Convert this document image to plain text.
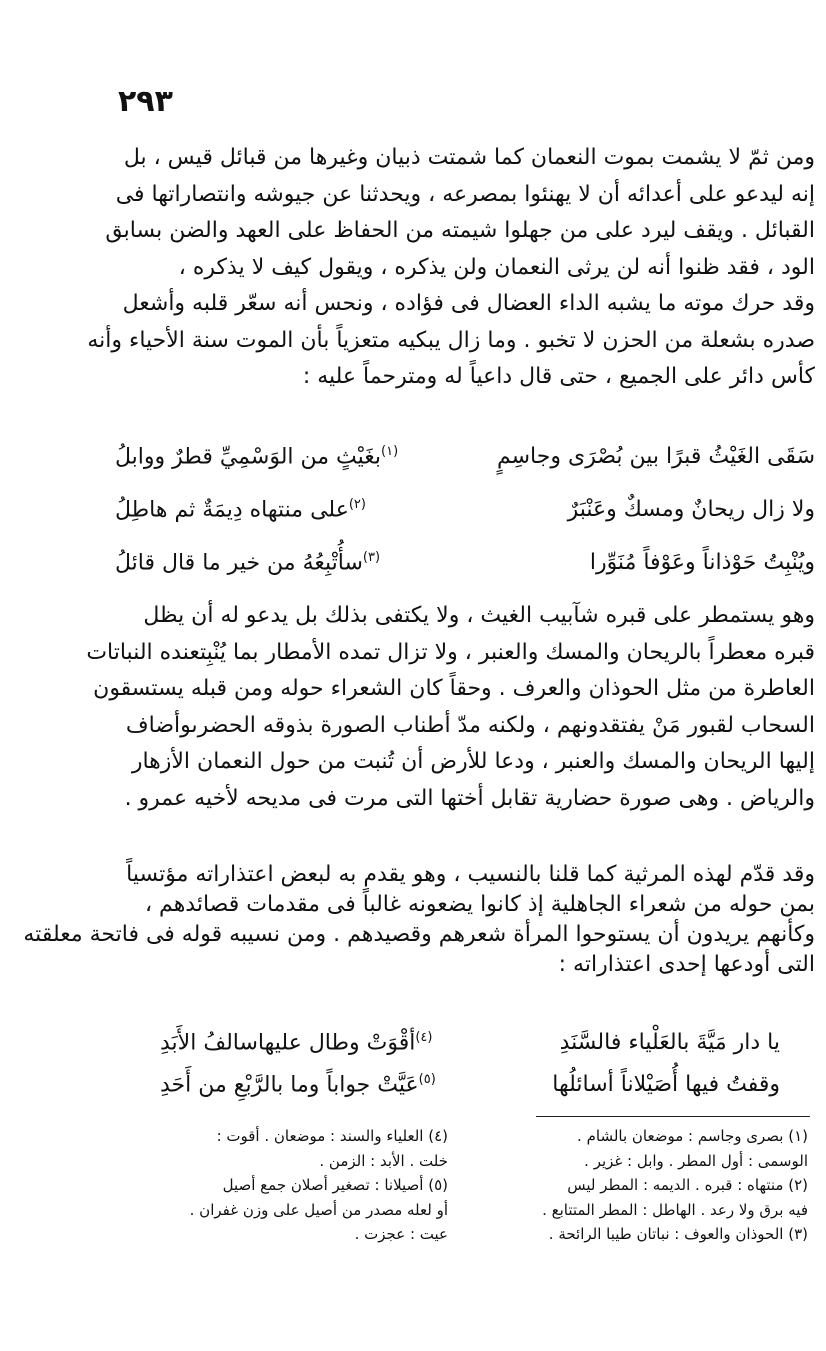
٢٩٣
ومن ثمّ لا يشمت بموت النعمان كما شمتت ذبيان وغيرها من قبائل قيس ، بل
إنه ليدعو على أعدائه أن لا يهنئوا بمصرعه ، ويحدثنا عن جيوشه وانتصاراتها فى
القبائل . ويقف ليرد على من جهلوا شيمته من الحفاظ على العهد والضن بسابق
الود ، فقد ظنوا أنه لن يرثى النعمان ولن يذكره ، ويقول كيف لا يذكره ،
وقد حرك موته ما يشبه الداء العضال فى فؤاده ، ونحس أنه سعّر قلبه وأشعل
صدره بشعلة من الحزن لا تخبو . وما زال يبكيه متعزياً بأن الموت سنة الأحياء وأنه
كأس دائر على الجميع ، حتى قال داعياً له ومترحماً عليه :
سَقَى الغَيْثُ قبرًا بين بُصْرَى وجاسِمٍ
$^{(١)}$بغَيْثٍ من الوَسْمِيِّ قطرٌ ووابلُ
ولا زال ريحانٌ ومسكٌ وعَنْبَرٌ
$^{(٢)}$على منتهاه دِيمَةٌ ثم هاطِلُ
ويُنْبِتُ حَوْذاناً وعَوْفاً مُنَوِّرا
$^{(٣)}$سأُتْبِعُهُ من خير ما قال قائلُ
وهو يستمطر على قبره شآبيب الغيث ، ولا يكتفى بذلك بل يدعو له أن يظل
قبره معطراً بالريحان والمسك والعنبر ، ولا تزال تمده الأمطار بما يُنْبِتعنده النباتات
العاطرة من مثل الحوذان والعرف . وحقاً كان الشعراء حوله ومن قبله يستسقون
السحاب لقبور مَنْ يفتقدونهم ، ولكنه مدّ أطناب الصورة بذوقه الحضرىوأضاف
إليها الريحان والمسك والعنبر ، ودعا للأرض أن تُنبت من حول النعمان الأزهار
والرياض . وهى صورة حضارية تقابل أختها التى مرت فى مديحه لأخيه عمرو .
وقد قدّم لهذه المرثية كما قلنا بالنسيب ، وهو يقدم به لبعض اعتذاراته مؤتسياً
بمن حوله من شعراء الجاهلية إذ كانوا يضعونه غالباً فى مقدمات قصائدهم ،
وكأنهم يريدون أن يستوحوا المرأة شعرهم وقصيدهم . ومن نسيبه قوله فى فاتحة معلقته
التى أودعها إحدى اعتذاراته :
يا دار مَيَّةَ بالعَلْياء فالسَّنَدِ
$^{(٤)}$أقْوَتْ وطال عليهاسالفُ الأَبَدِ
وقفتُ فيها أُصَيْلاناً أسائلُها
$^{(٥)}$عَيَّتْ جواباً وما بالرَّبْعِ من أَحَدِ
(١) بصرى وجاسم : موضعان بالشام .
الوسمى : أول المطر . وابل : غزير .
(٢) منتهاه : قبره . الديمه : المطر ليس
فيه برق ولا رعد . الهاطل : المطر المتتابع .
(٣) الحوذان والعوف : نباتان طيبا الرائحة .
(٤) العلياء والسند : موضعان . أقوت :
خلت . الأبد : الزمن .
(٥) أصيلانا : تصغير أصلان جمع أصيل
أو لعله مصدر من أصيل على وزن غفران .
عيت : عجزت .
